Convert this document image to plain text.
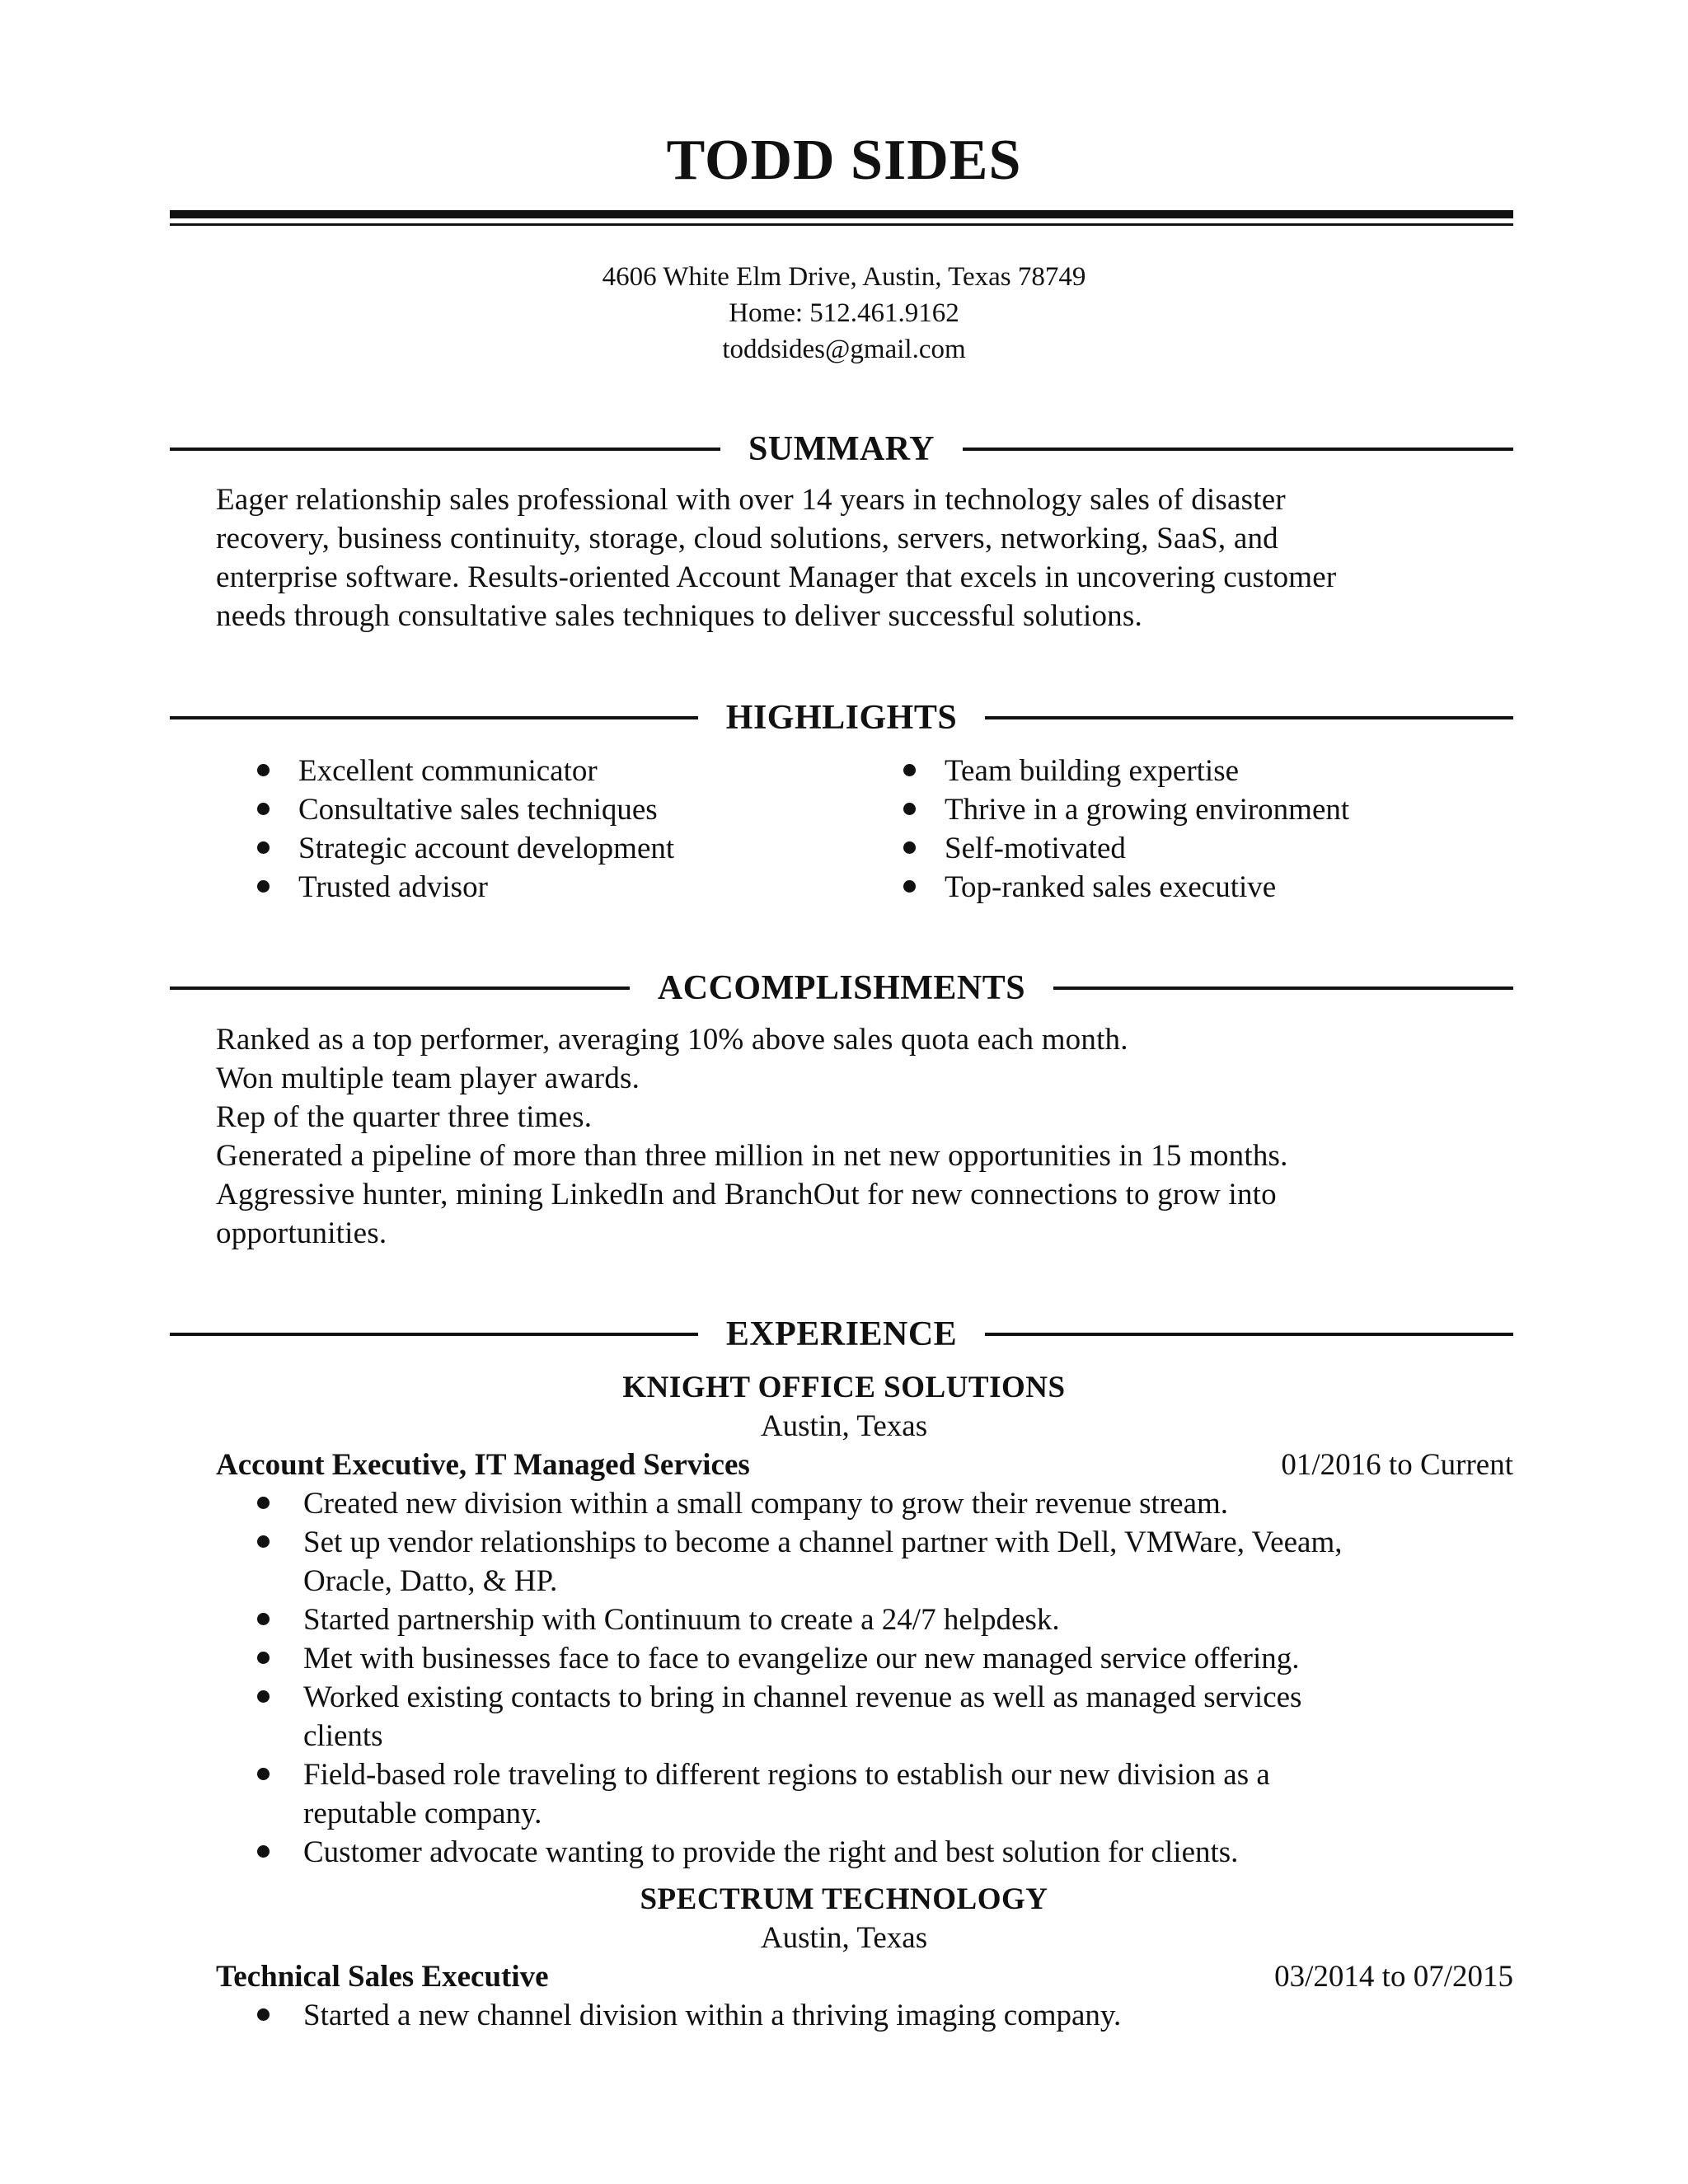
TODD SIDES
4606 White Elm Drive, Austin, Texas 78749
Home: 512.461.9162
toddsides@gmail.com
SUMMARY
Eager relationship sales professional with over 14 years in technology sales of disaster
recovery, business continuity, storage, cloud solutions, servers, networking, SaaS, and
enterprise software. Results-oriented Account Manager that excels in uncovering customer
needs through consultative sales techniques to deliver successful solutions.
HIGHLIGHTS
Excellent communicator
Consultative sales techniques
Strategic account development
Trusted advisor
Team building expertise
Thrive in a growing environment
Self-motivated
Top-ranked sales executive
ACCOMPLISHMENTS
Ranked as a top performer, averaging 10% above sales quota each month.
Won multiple team player awards.
Rep of the quarter three times.
Generated a pipeline of more than three million in net new opportunities in 15 months.
Aggressive hunter, mining LinkedIn and BranchOut for new connections to grow into
opportunities.
EXPERIENCE
KNIGHT OFFICE SOLUTIONS
Austin, Texas
Account Executive, IT Managed Services	01/2016 to Current
Created new division within a small company to grow their revenue stream.
Set up vendor relationships to become a channel partner with Dell, VMWare, Veeam,
Oracle, Datto, & HP.
Started partnership with Continuum to create a 24/7 helpdesk.
Met with businesses face to face to evangelize our new managed service offering.
Worked existing contacts to bring in channel revenue as well as managed services
clients
Field-based role traveling to different regions to establish our new division as a
reputable company.
Customer advocate wanting to provide the right and best solution for clients.
SPECTRUM TECHNOLOGY
Austin, Texas
Technical Sales Executive	03/2014 to 07/2015
Started a new channel division within a thriving imaging company.
